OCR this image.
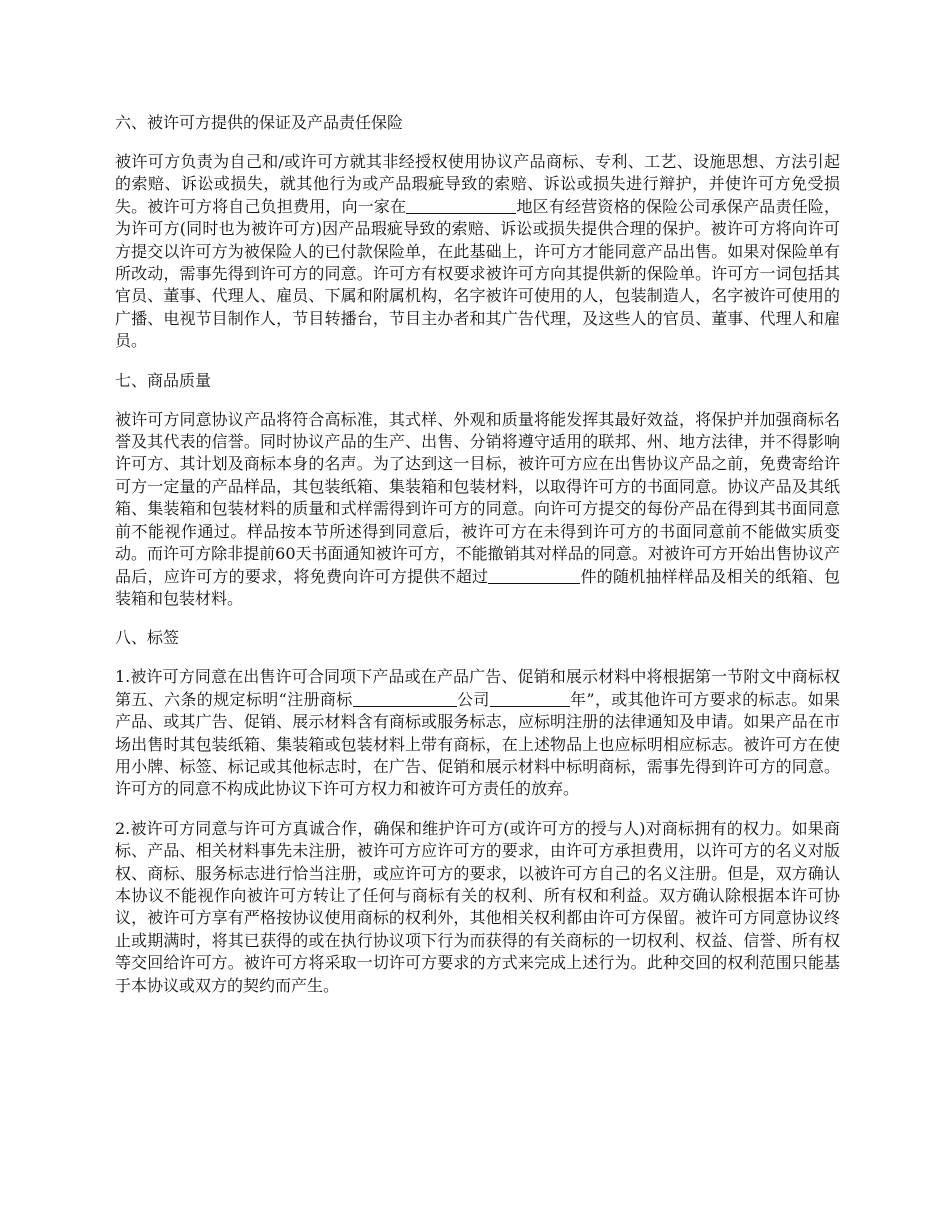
六、被许可方提供的保证及产品责任保险
被许可方负责为自己和/或许可方就其非经授权使用协议产品商标、专利、工艺、设施思想、方法引起的索赔、诉讼或损失，就其他行为或产品瑕疵导致的索赔、诉讼或损失进行辩护，并使许可方免受损失。被许可方将自己负担费用，向一家在	地区有经营资格的保险公司承保产品责任险，为许可方(同时也为被许可方)因产品瑕疵导致的索赔、诉讼或损失提供合理的保护。被许可方将向许可方提交以许可方为被保险人的已付款保险单，在此基础上，许可方才能同意产品出售。如果对保险单有所改动，需事先得到许可方的同意。许可方有权要求被许可方向其提供新的保险单。许可方一词包括其官员、董事、代理人、雇员、下属和附属机构，名字被许可使用的人，包装制造人，名字被许可使用的广播、电视节目制作人，节目转播台，节目主办者和其广告代理，及这些人的官员、董事、代理人和雇员。
七、商品质量
被许可方同意协议产品将符合高标准，其式样、外观和质量将能发挥其最好效益，将保护并加强商标名誉及其代表的信誉。同时协议产品的生产、出售、分销将遵守适用的联邦、州、地方法律，并不得影响许可方、其计划及商标本身的名声。为了达到这一目标，被许可方应在出售协议产品之前，免费寄给许可方一定量的产品样品，其包装纸箱、集装箱和包装材料，以取得许可方的书面同意。协议产品及其纸箱、集装箱和包装材料的质量和式样需得到许可方的同意。向许可方提交的每份产品在得到其书面同意前不能视作通过。样品按本节所述得到同意后，被许可方在未得到许可方的书面同意前不能做实质变动。而许可方除非提前60天书面通知被许可方，不能撤销其对样品的同意。对被许可方开始出售协议产品后，应许可方的要求，将免费向许可方提供不超过	件的随机抽样样品及相关的纸箱、包装箱和包装材料。
八、标签
1.被许可方同意在出售许可合同项下产品或在产品广告、促销和展示材料中将根据第一节附文中商标权第五、六条的规定标明“注册商标	公司	年”，或其他许可方要求的标志。如果产品、或其广告、促销、展示材料含有商标或服务标志，应标明注册的法律通知及申请。如果产品在市场出售时其包装纸箱、集装箱或包装材料上带有商标，在上述物品上也应标明相应标志。被许可方在使用小牌、标签、标记或其他标志时，在广告、促销和展示材料中标明商标，需事先得到许可方的同意。许可方的同意不构成此协议下许可方权力和被许可方责任的放弃。
2.被许可方同意与许可方真诚合作，确保和维护许可方(或许可方的授与人)对商标拥有的权力。如果商标、产品、相关材料事先未注册，被许可方应许可方的要求，由许可方承担费用，以许可方的名义对版权、商标、服务标志进行恰当注册，或应许可方的要求，以被许可方自己的名义注册。但是，双方确认本协议不能视作向被许可方转让了任何与商标有关的权利、所有权和利益。双方确认除根据本许可协议，被许可方享有严格按协议使用商标的权利外，其他相关权利都由许可方保留。被许可方同意协议终止或期满时，将其已获得的或在执行协议项下行为而获得的有关商标的一切权利、权益、信誉、所有权等交回给许可方。被许可方将采取一切许可方要求的方式来完成上述行为。此种交回的权利范围只能基于本协议或双方的契约而产生。
